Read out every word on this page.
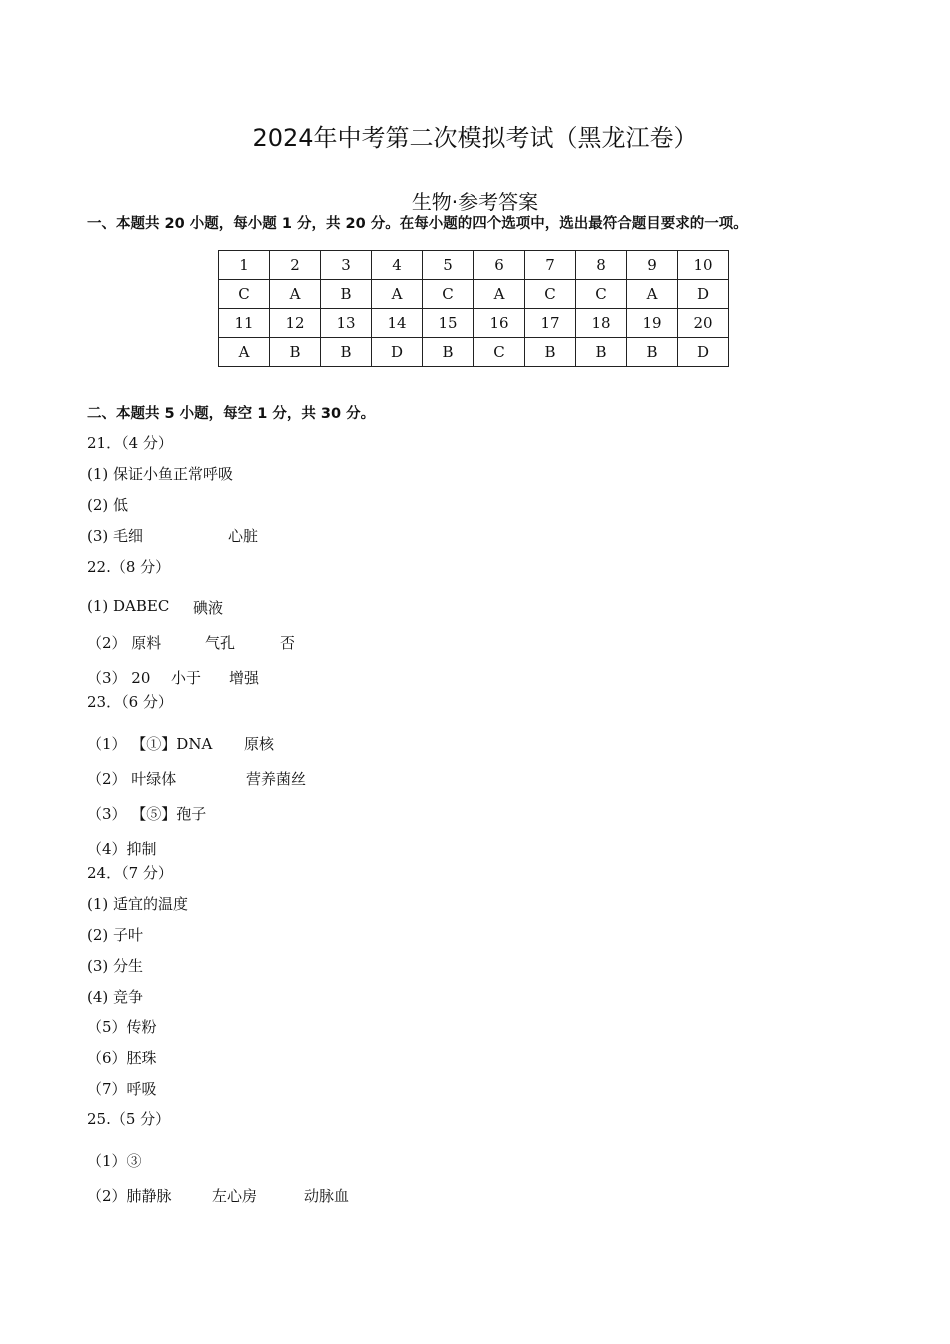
2024年中考第二次模拟考试（黑龙江卷）
生物·参考答案
一、本题共 20 小题，每小题 1 分，共 20 分。在每小题的四个选项中，选出最符合题目要求的一项。
1	2	3	4	5	6	7	8	9	10
C	A	B	A	C	A	C	C	A	D
11	12	13	14	15	16	17	18	19	20
A	B	B	D	B	C	B	B	B	D
二、本题共 5 小题，每空 1 分，共 30 分。
21．（4 分）
(1) 保证小鱼正常呼吸
(2) 低
(3) 毛细	心脏
22.（8 分）
(1) DABEC 碘液
（2） 原料	气孔	否
（3） 20 小于 增强
23．（6 分）
（1） 【①】DNA 原核
（2） 叶绿体	营养菌丝
（3） 【⑤】孢子
（4）抑制
24．（7 分）
(1) 适宜的温度
(2) 子叶
(3) 分生
(4) 竞争
（5）传粉
（6）胚珠
（7）呼吸
25.（5 分）
（1）③
（2）肺静脉	左心房	动脉血
